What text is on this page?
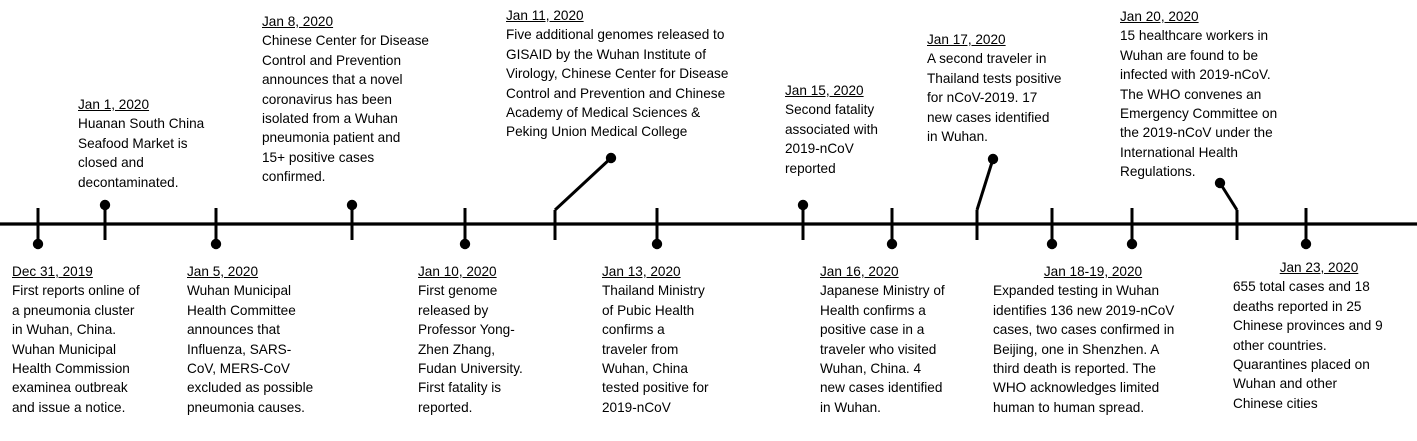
Dec 31, 2019
First reports online of
a pneumonia cluster
in Wuhan, China.
Wuhan Municipal
Health Commission
examinea outbreak
and issue a notice.
Jan 1, 2020
Huanan South China
Seafood Market is
closed and
decontaminated.
Jan 5, 2020
Wuhan Municipal
Health Committee
announces that
Influenza, SARS-
CoV, MERS-CoV
excluded as possible
pneumonia causes.
Jan 8, 2020
Chinese Center for Disease
Control and Prevention
announces that a novel
coronavirus has been
isolated from a Wuhan
pneumonia patient and
15+ positive cases
confirmed.
Jan 10, 2020
First genome
released by
Professor Yong-
Zhen Zhang,
Fudan University.
First fatality is
reported.
Jan 11, 2020
Five additional genomes released to
GISAID by the Wuhan Institute of
Virology, Chinese Center for Disease
Control and Prevention and Chinese
Academy of Medical Sciences &
Peking Union Medical College
Jan 13, 2020
Thailand Ministry
of Pubic Health
confirms a
traveler from
Wuhan, China
tested positive for
2019-nCoV
Jan 15, 2020
Second fatality
associated with
2019-nCoV
reported
Jan 16, 2020
Japanese Ministry of
Health confirms a
positive case in a
traveler who visited
Wuhan, China. 4
new cases identified
in Wuhan.
Jan 17, 2020
A second traveler in
Thailand tests positive
for nCoV-2019. 17
new cases identified
in Wuhan.
Jan 18-19, 2020
Expanded testing in Wuhan
identifies 136 new 2019-nCoV
cases, two cases confirmed in
Beijing, one in Shenzhen. A
third death is reported. The
WHO acknowledges limited
human to human spread.
Jan 20, 2020
15 healthcare workers in
Wuhan are found to be
infected with 2019-nCoV.
The WHO convenes an
Emergency Committee on
the 2019-nCoV under the
International Health
Regulations.
Jan 23, 2020
655 total cases and 18
deaths reported in 25
Chinese provinces and 9
other countries.
Quarantines placed on
Wuhan and other
Chinese cities
